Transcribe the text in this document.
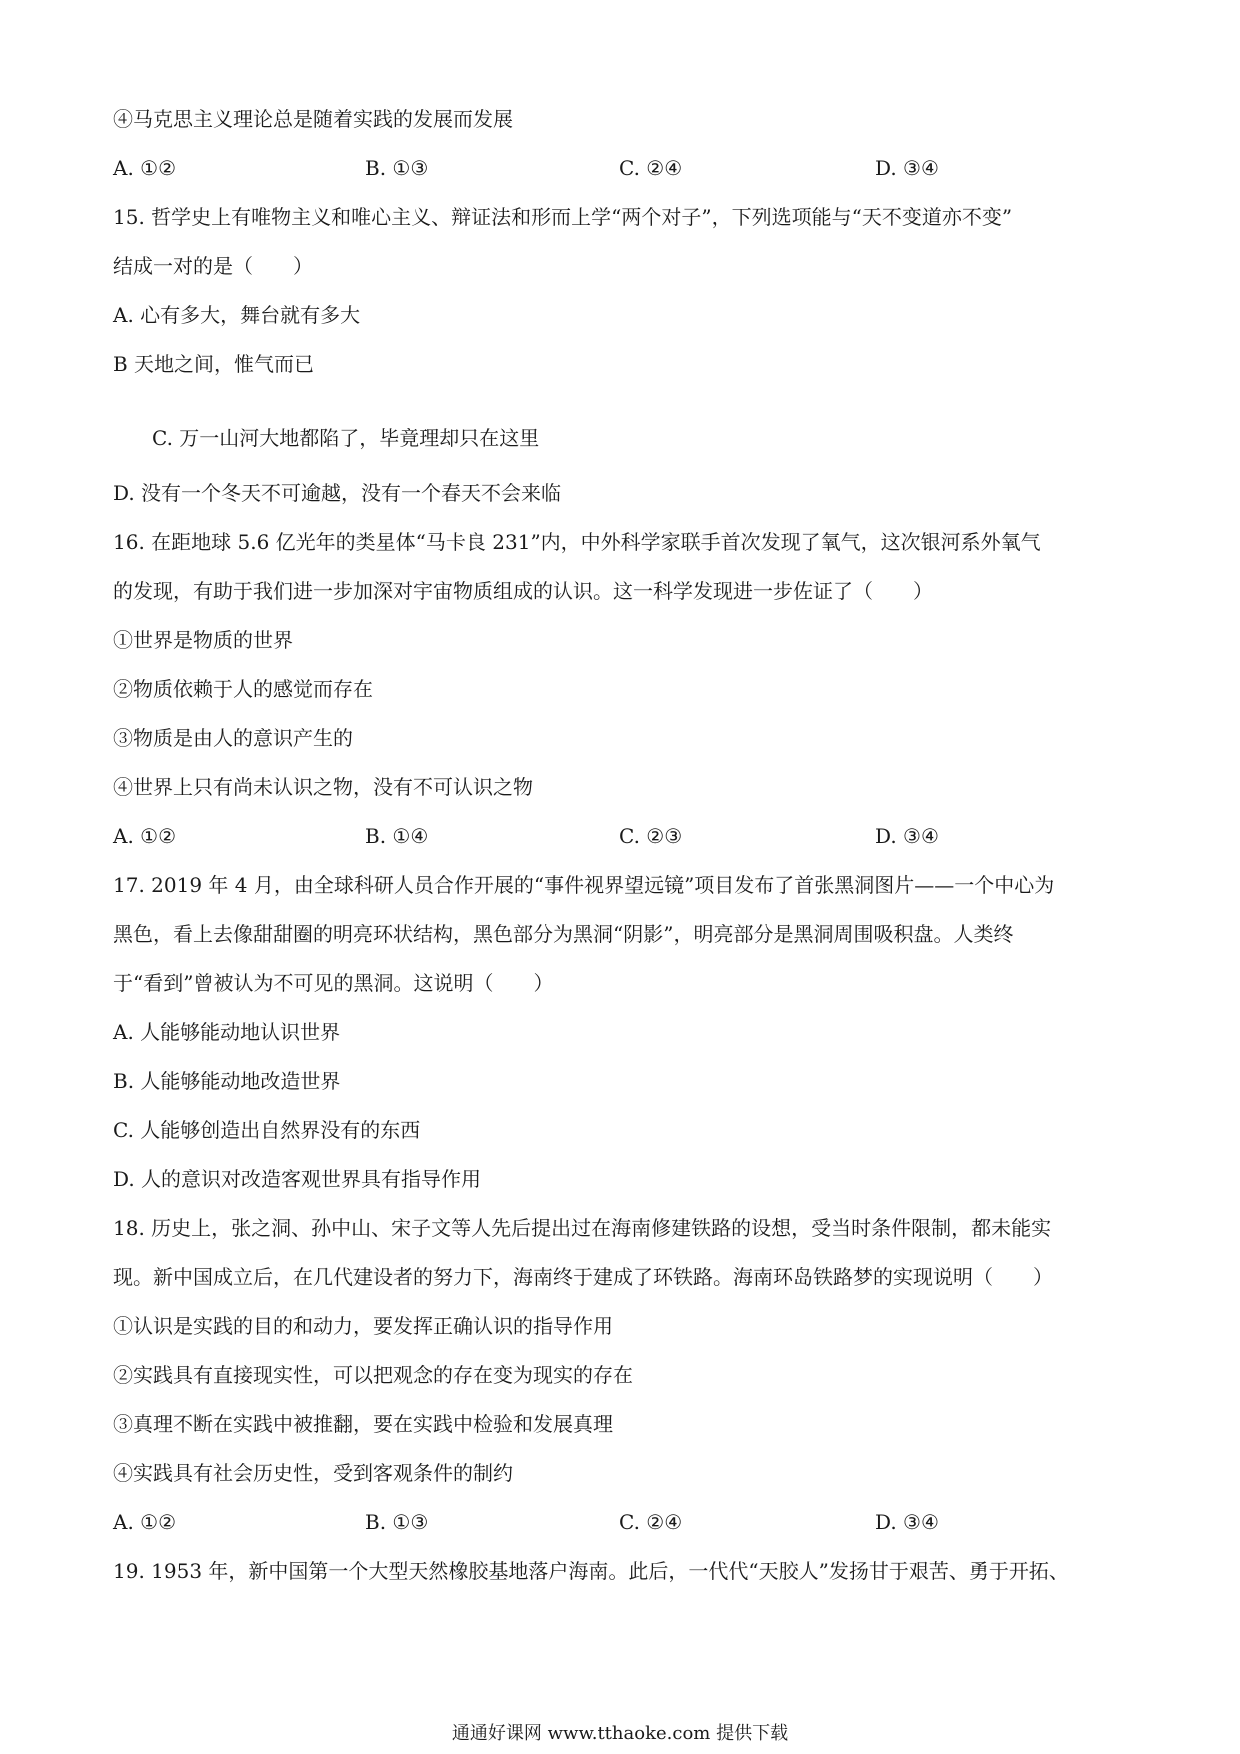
④马克思主义理论总是随着实践的发展而发展
A. ①②	B. ①③	C. ②④	D. ③④
15. 哲学史上有唯物主义和唯心主义、辩证法和形而上学“两个对子”，下列选项能与“天不变道亦不变”
结成一对的是（　　）
A. 心有多大，舞台就有多大
B 天地之间，惟气而已
C. 万一山河大地都陷了，毕竟理却只在这里
D. 没有一个冬天不可逾越，没有一个春天不会来临
16. 在距地球 5.6 亿光年的类星体“马卡良 231”内，中外科学家联手首次发现了氧气，这次银河系外氧气
的发现，有助于我们进一步加深对宇宙物质组成的认识。这一科学发现进一步佐证了（　　）
①世界是物质的世界
②物质依赖于人的感觉而存在
③物质是由人的意识产生的
④世界上只有尚未认识之物，没有不可认识之物
A. ①②	B. ①④	C. ②③	D. ③④
17. 2019 年 4 月，由全球科研人员合作开展的“事件视界望远镜”项目发布了首张黑洞图片——一个中心为
黑色，看上去像甜甜圈的明亮环状结构，黑色部分为黑洞“阴影”，明亮部分是黑洞周围吸积盘。人类终
于“看到”曾被认为不可见的黑洞。这说明（　　）
A. 人能够能动地认识世界
B. 人能够能动地改造世界
C. 人能够创造出自然界没有的东西
D. 人的意识对改造客观世界具有指导作用
18. 历史上，张之洞、孙中山、宋子文等人先后提出过在海南修建铁路的设想，受当时条件限制，都未能实
现。新中国成立后，在几代建设者的努力下，海南终于建成了环铁路。海南环岛铁路梦的实现说明（　　）
①认识是实践的目的和动力，要发挥正确认识的指导作用
②实践具有直接现实性，可以把观念的存在变为现实的存在
③真理不断在实践中被推翻，要在实践中检验和发展真理
④实践具有社会历史性，受到客观条件的制约
A. ①②	B. ①③	C. ②④	D. ③④
19. 1953 年，新中国第一个大型天然橡胶基地落户海南。此后，一代代“天胶人”发扬甘于艰苦、勇于开拓、
通通好课网 www.tthaoke.com 提供下载
